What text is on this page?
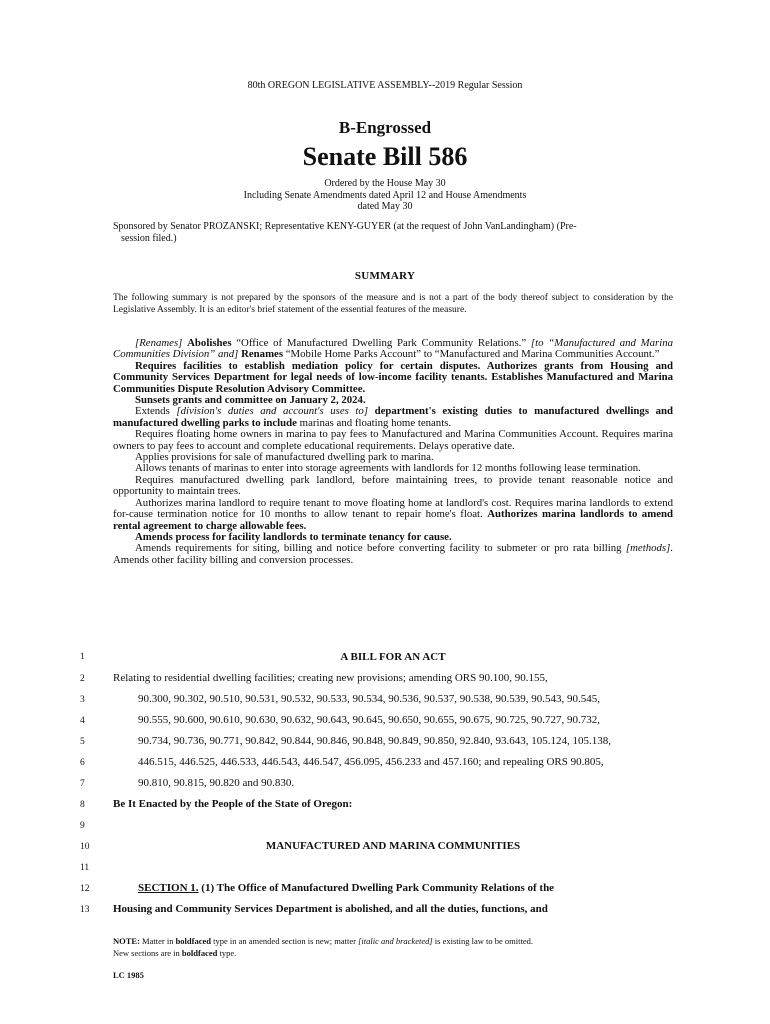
80th OREGON LEGISLATIVE ASSEMBLY--2019 Regular Session
B-Engrossed
Senate Bill 586
Ordered by the House May 30
Including Senate Amendments dated April 12 and House Amendments
dated May 30
Sponsored by Senator PROZANSKI; Representative KENY-GUYER (at the request of John VanLandingham) (Pre-
session filed.)
SUMMARY
The following summary is not prepared by the sponsors of the measure and is not a part of the body thereof subject to consideration by the Legislative Assembly. It is an editor's brief statement of the essential features of the measure.

[Renames] Abolishes “Office of Manufactured Dwelling Park Community Relations.” [to “Manufactured and Marina Communities Division” and] Renames “Mobile Home Parks Account” to “Manufactured and Marina Communities Account.”

Requires facilities to establish mediation policy for certain disputes. Authorizes grants from Housing and Community Services Department for legal needs of low-income facility tenants. Establishes Manufactured and Marina Communities Dispute Resolution Advisory Committee.

Sunsets grants and committee on January 2, 2024.

Extends [division's duties and account's uses to] department's existing duties to manufactured dwellings and manufactured dwelling parks to include marinas and floating home tenants.

Requires floating home owners in marina to pay fees to Manufactured and Marina Communities Account. Requires marina owners to pay fees to account and complete educational requirements. Delays operative date.

Applies provisions for sale of manufactured dwelling park to marina.

Allows tenants of marinas to enter into storage agreements with landlords for 12 months following lease termination.

Requires manufactured dwelling park landlord, before maintaining trees, to provide tenant reasonable notice and opportunity to maintain trees.

Authorizes marina landlord to require tenant to move floating home at landlord's cost. Requires marina landlords to extend for-cause termination notice for 10 months to allow tenant to repair home's float. Authorizes marina landlords to amend rental agreement to charge allowable fees.

Amends process for facility landlords to terminate tenancy for cause.

Amends requirements for siting, billing and notice before converting facility to submeter or pro rata billing [methods]. Amends other facility billing and conversion processes.

1	A BILL FOR AN ACT
2	Relating to residential dwelling facilities; creating new provisions; amending ORS 90.100, 90.155,
3	90.300, 90.302, 90.510, 90.531, 90.532, 90.533, 90.534, 90.536, 90.537, 90.538, 90.539, 90.543, 90.545,
4	90.555, 90.600, 90.610, 90.630, 90.632, 90.643, 90.645, 90.650, 90.655, 90.675, 90.725, 90.727, 90.732,
5	90.734, 90.736, 90.771, 90.842, 90.844, 90.846, 90.848, 90.849, 90.850, 92.840, 93.643, 105.124, 105.138,
6	446.515, 446.525, 446.533, 446.543, 446.547, 456.095, 456.233 and 457.160; and repealing ORS 90.805,
7	90.810, 90.815, 90.820 and 90.830.
8	Be It Enacted by the People of the State of Oregon:
9
10	MANUFACTURED AND MARINA COMMUNITIES
11
12	SECTION 1. (1) The Office of Manufactured Dwelling Park Community Relations of the
13	Housing and Community Services Department is abolished, and all the duties, functions, and
NOTE: Matter in boldfaced type in an amended section is new; matter [italic and bracketed] is existing law to be omitted.
New sections are in boldfaced type.
LC 1985
